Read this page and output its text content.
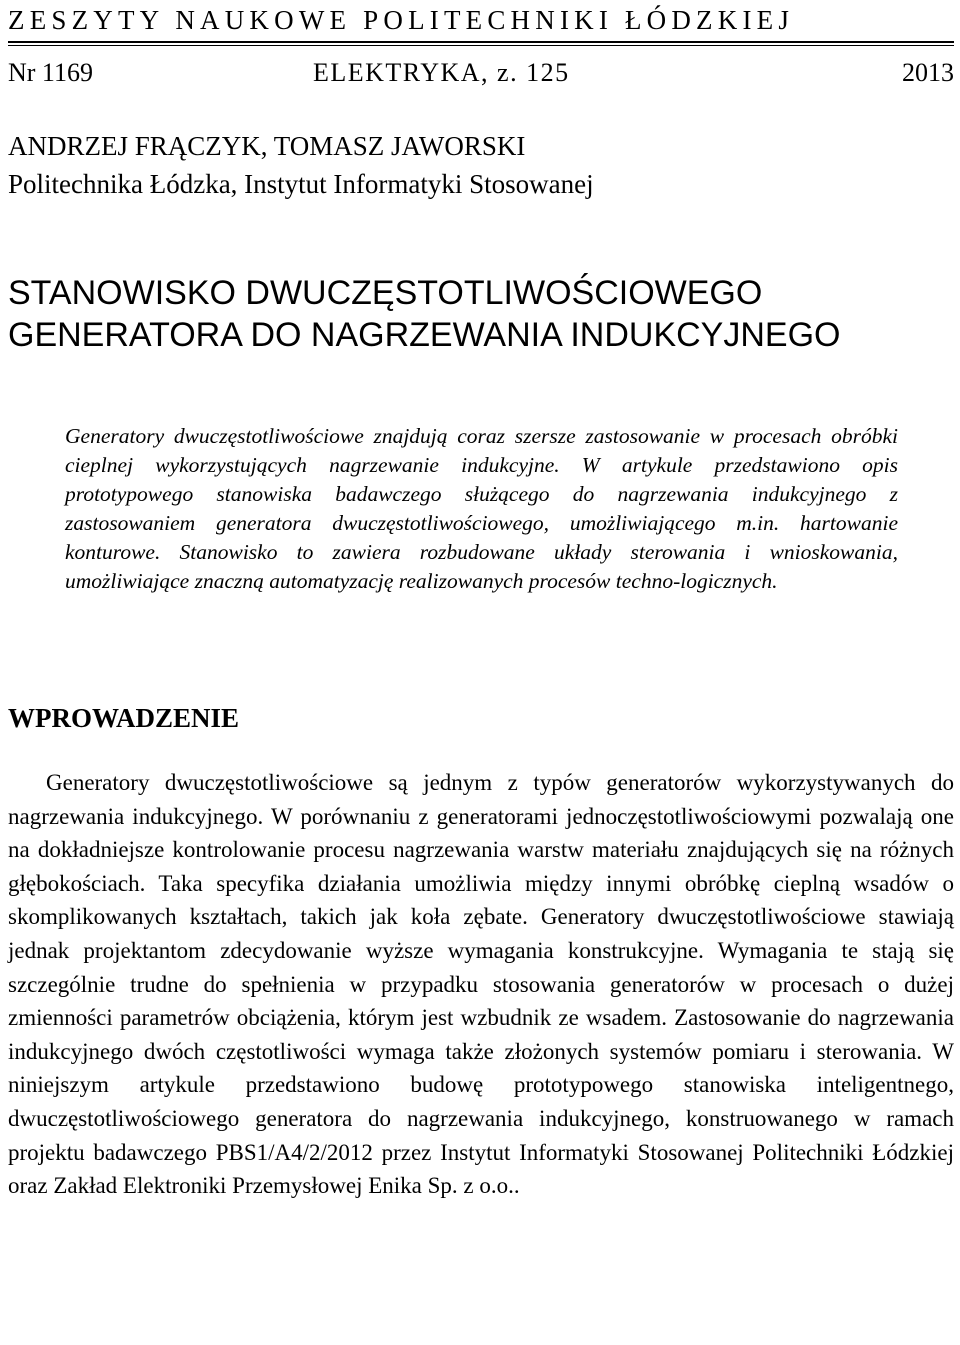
ZESZYTY NAUKOWE POLITECHNIKI ŁÓDZKIEJ
Nr 1169	ELEKTRYKA, z. 125	2013
ANDRZEJ FRĄCZYK, TOMASZ JAWORSKI
Politechnika Łódzka, Instytut Informatyki Stosowanej
STANOWISKO DWUCZĘSTOTLIWOŚCIOWEGO
GENERATORA DO NAGRZEWANIA INDUKCYJNEGO

Generatory dwuczęstotliwościowe znajdują coraz szersze zastosowanie w procesach obróbki cieplnej wykorzystujących nagrzewanie indukcyjne. W artykule przedstawiono opis prototypowego stanowiska badawczego służącego do nagrzewania indukcyjnego z zastosowaniem generatora dwuczęstotliwościowego, umożliwiającego m.in. hartowanie konturowe. Stanowisko to zawiera rozbudowane układy sterowania i wnioskowania, umożliwiające znaczną automatyzację realizowanych procesów techno-logicznych.

WPROWADZENIE

Generatory dwuczęstotliwościowe są jednym z typów generatorów wykorzystywanych do nagrzewania indukcyjnego. W porównaniu z generatorami jednoczęstotliwościowymi pozwalają one na dokładniejsze kontrolowanie procesu nagrzewania warstw materiału znajdujących się na różnych głębokościach. Taka specyfika działania umożliwia między innymi obróbkę cieplną wsadów o skomplikowanych kształtach, takich jak koła zębate. Generatory dwuczęstotliwościowe stawiają jednak projektantom zdecydowanie wyższe wymagania konstrukcyjne. Wymagania te stają się szczególnie trudne do spełnienia w przypadku stosowania generatorów w procesach o dużej zmienności parametrów obciążenia, którym jest wzbudnik ze wsadem. Zastosowanie do nagrzewania indukcyjnego dwóch częstotliwości wymaga także złożonych systemów pomiaru i sterowania. W niniejszym artykule przedstawiono budowę prototypowego stanowiska inteligentnego, dwuczęstotliwościowego generatora do nagrzewania indukcyjnego, konstruowanego w ramach projektu badawczego PBS1/A4/2/2012 przez Instytut Informatyki Stosowanej Politechniki Łódzkiej oraz Zakład Elektroniki Przemysłowej Enika Sp. z o.o..
